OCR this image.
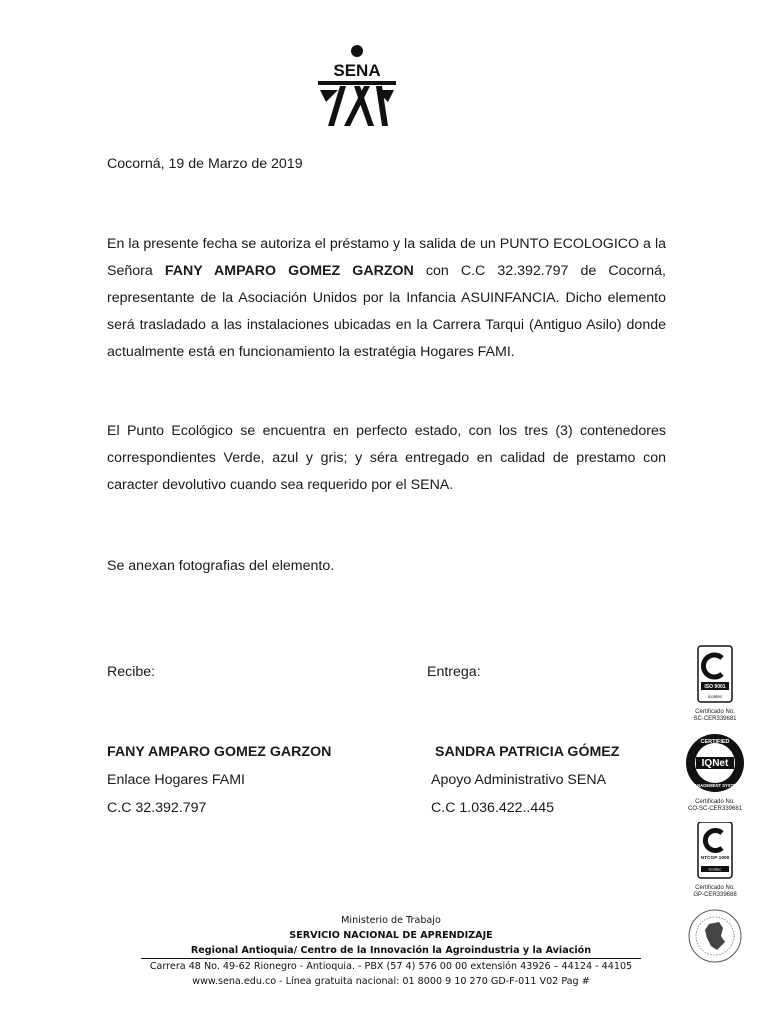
SENA
Cocorná, 19 de Marzo de 2019
En la presente fecha se autoriza el préstamo y la salida de un PUNTO ECOLOGICO a la Señora FANY AMPARO GOMEZ GARZON con C.C 32.392.797 de Cocorná, representante de la Asociación Unidos por la Infancia ASUINFANCIA. Dicho elemento será trasladado a las instalaciones ubicadas en la Carrera Tarqui (Antiguo Asilo) donde actualmente está en funcionamiento la estratégia Hogares FAMI.
El Punto Ecológico se encuentra en perfecto estado, con los tres (3) contenedores correspondientes Verde, azul y gris; y séra entregado en calidad de prestamo con caracter devolutivo cuando sea requerido por el SENA.
Se anexan fotografias del elemento.
Recibe:	Entrega:
FANY AMPARO GOMEZ GARZON
Enlace Hogares FAMI
C.C 32.392.797
SANDRA PATRICIA GÓMEZ
Apoyo Administrativo SENA
C.C 1.036.422..445
ISO 9001
icontec
Certificado No.
SC-CER339681
CERTIFIED
MANAGEMENT SYSTEM
IQNet
Certificado No.
CO-SC-CER339681
NTCGP 1000
icontec
Certificado No.
GP-CER339688
Ministerio de Trabajo
SERVICIO NACIONAL DE APRENDIZAJE
Regional Antioquia/ Centro de la Innovación la Agroindustria y la Aviación
Carrera 48 No. 49-62 Rionegro - Antioquia. - PBX (57 4) 576 00 00 extensión 43926 – 44124 - 44105
www.sena.edu.co - Línea gratuita nacional: 01 8000 9 10 270 GD-F-011 V02 Pag #
